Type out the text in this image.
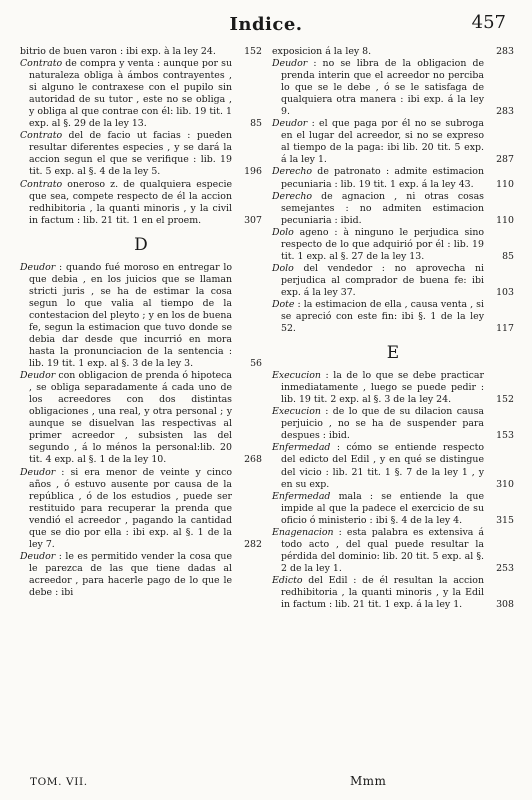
Indice.	457

bitrio de buen varon : ibi exp. à la ley 24.	152

Contrato de compra y venta : aunque por su naturaleza obliga à ámbos contrayentes , si alguno le contraxese con el pupilo sin autoridad de su tutor , este no se obliga , y obliga al que contrae con él: lib. 19 tit. 1 exp. al §. 29 de la ley 13.	85

Contrato del de facio ut facias : pueden resultar diferentes especies , y se dará la accion segun el que se verifique : lib. 19 tit. 5 exp. al §. 4 de la ley 5.	196

Contrato oneroso z. de qualquiera especie que sea, compete respecto de él la accion redhibitoria , la quanti minoris , y la civil in factum : lib. 21 tit. 1 en el proem.	307

D

Deudor : quando fué moroso en entregar lo que debia , en los juicios que se llaman stricti juris , se ha de estimar la cosa segun lo que valia al tiempo de la contestacion del pleyto ; y en los de buena fe, segun la estimacion que tuvo donde se debia dar desde que incurrió en mora hasta la pronunciacion de la sentencia : lib. 19 tit. 1 exp. al §. 3 de la ley 3.	56

Deudor con obligacion de prenda ó hipoteca , se obliga separadamente á cada uno de los acreedores con dos distintas obligaciones , una real, y otra personal ; y aunque se disuelvan las respectivas al primer acreedor , subsisten las del segundo , á lo ménos la personal:lib. 20 tit. 4 exp. al §. 1 de la ley 10.	268

Deudor : si era menor de veinte y cinco años , ó estuvo ausente por causa de la república , ó de los estudios , puede ser restituido para recuperar la prenda que vendió el acreedor , pagando la cantidad que se dio por ella : ibi exp. al §. 1 de la ley 7.	282

Deudor : le es permitido vender la cosa que le parezca de las que tiene dadas al acreedor , para hacerle pago de lo que le debe : ibi

exposicion á la ley 8.	283

Deudor : no se libra de la obligacion de prenda interin que el acreedor no perciba lo que se le debe , ó se le satisfaga de qualquiera otra manera : ibi exp. á la ley 9.	283

Deudor : el que paga por él no se subroga en el lugar del acreedor, si no se expreso al tiempo de la paga: ibi lib. 20 tit. 5 exp. á la ley 1.	287

Derecho de patronato : admite estimacion pecuniaria : lib. 19 tit. 1 exp. á la ley 43. 110

Derecho de agnacion , ni otras cosas semejantes : no admiten estimacion pecuniaria : ibid.	110

Dolo ageno : à ninguno le perjudica sino respecto de lo que adquirió por él : lib. 19 tit. 1 exp. al §. 27 de la ley 13.	85

Dolo del vendedor : no aprovecha ni perjudica al comprador de buena fe: ibi exp. á la ley 37.	103

Dote : la estimacion de ella , causa venta , si se apreció con este fin: ibi §. 1 de la ley 52.	117

E

Execucion : la de lo que se debe practicar inmediatamente , luego se puede pedir : lib. 19 tit. 2 exp. al §. 3 de la ley 24.	152

Execucion : de lo que de su dilacion causa perjuicio , no se ha de suspender para despues : ibid.	153

Enfermedad : cómo se entiende respecto del edicto del Edil , y en qué se distingue del vicio : lib. 21 tit. 1 §. 7 de la ley 1 , y en su exp.	310

Enfermedad mala : se entiende la que impide al que la padece el exercicio de su oficio ó ministerio : ibi §. 4 de la ley 4.	315

Enagenacion : esta palabra es extensiva á todo acto , del qual puede resultar la pérdida del dominio: lib. 20 tit. 5 exp. al §. 2 de la ley 1.	253

Edicto del Edil : de él resultan la accion redhibitoria , la quanti minoris , y la Edil in factum : lib. 21 tit. 1 exp. á la ley 1.	308

TOM. VII.	Mmm
